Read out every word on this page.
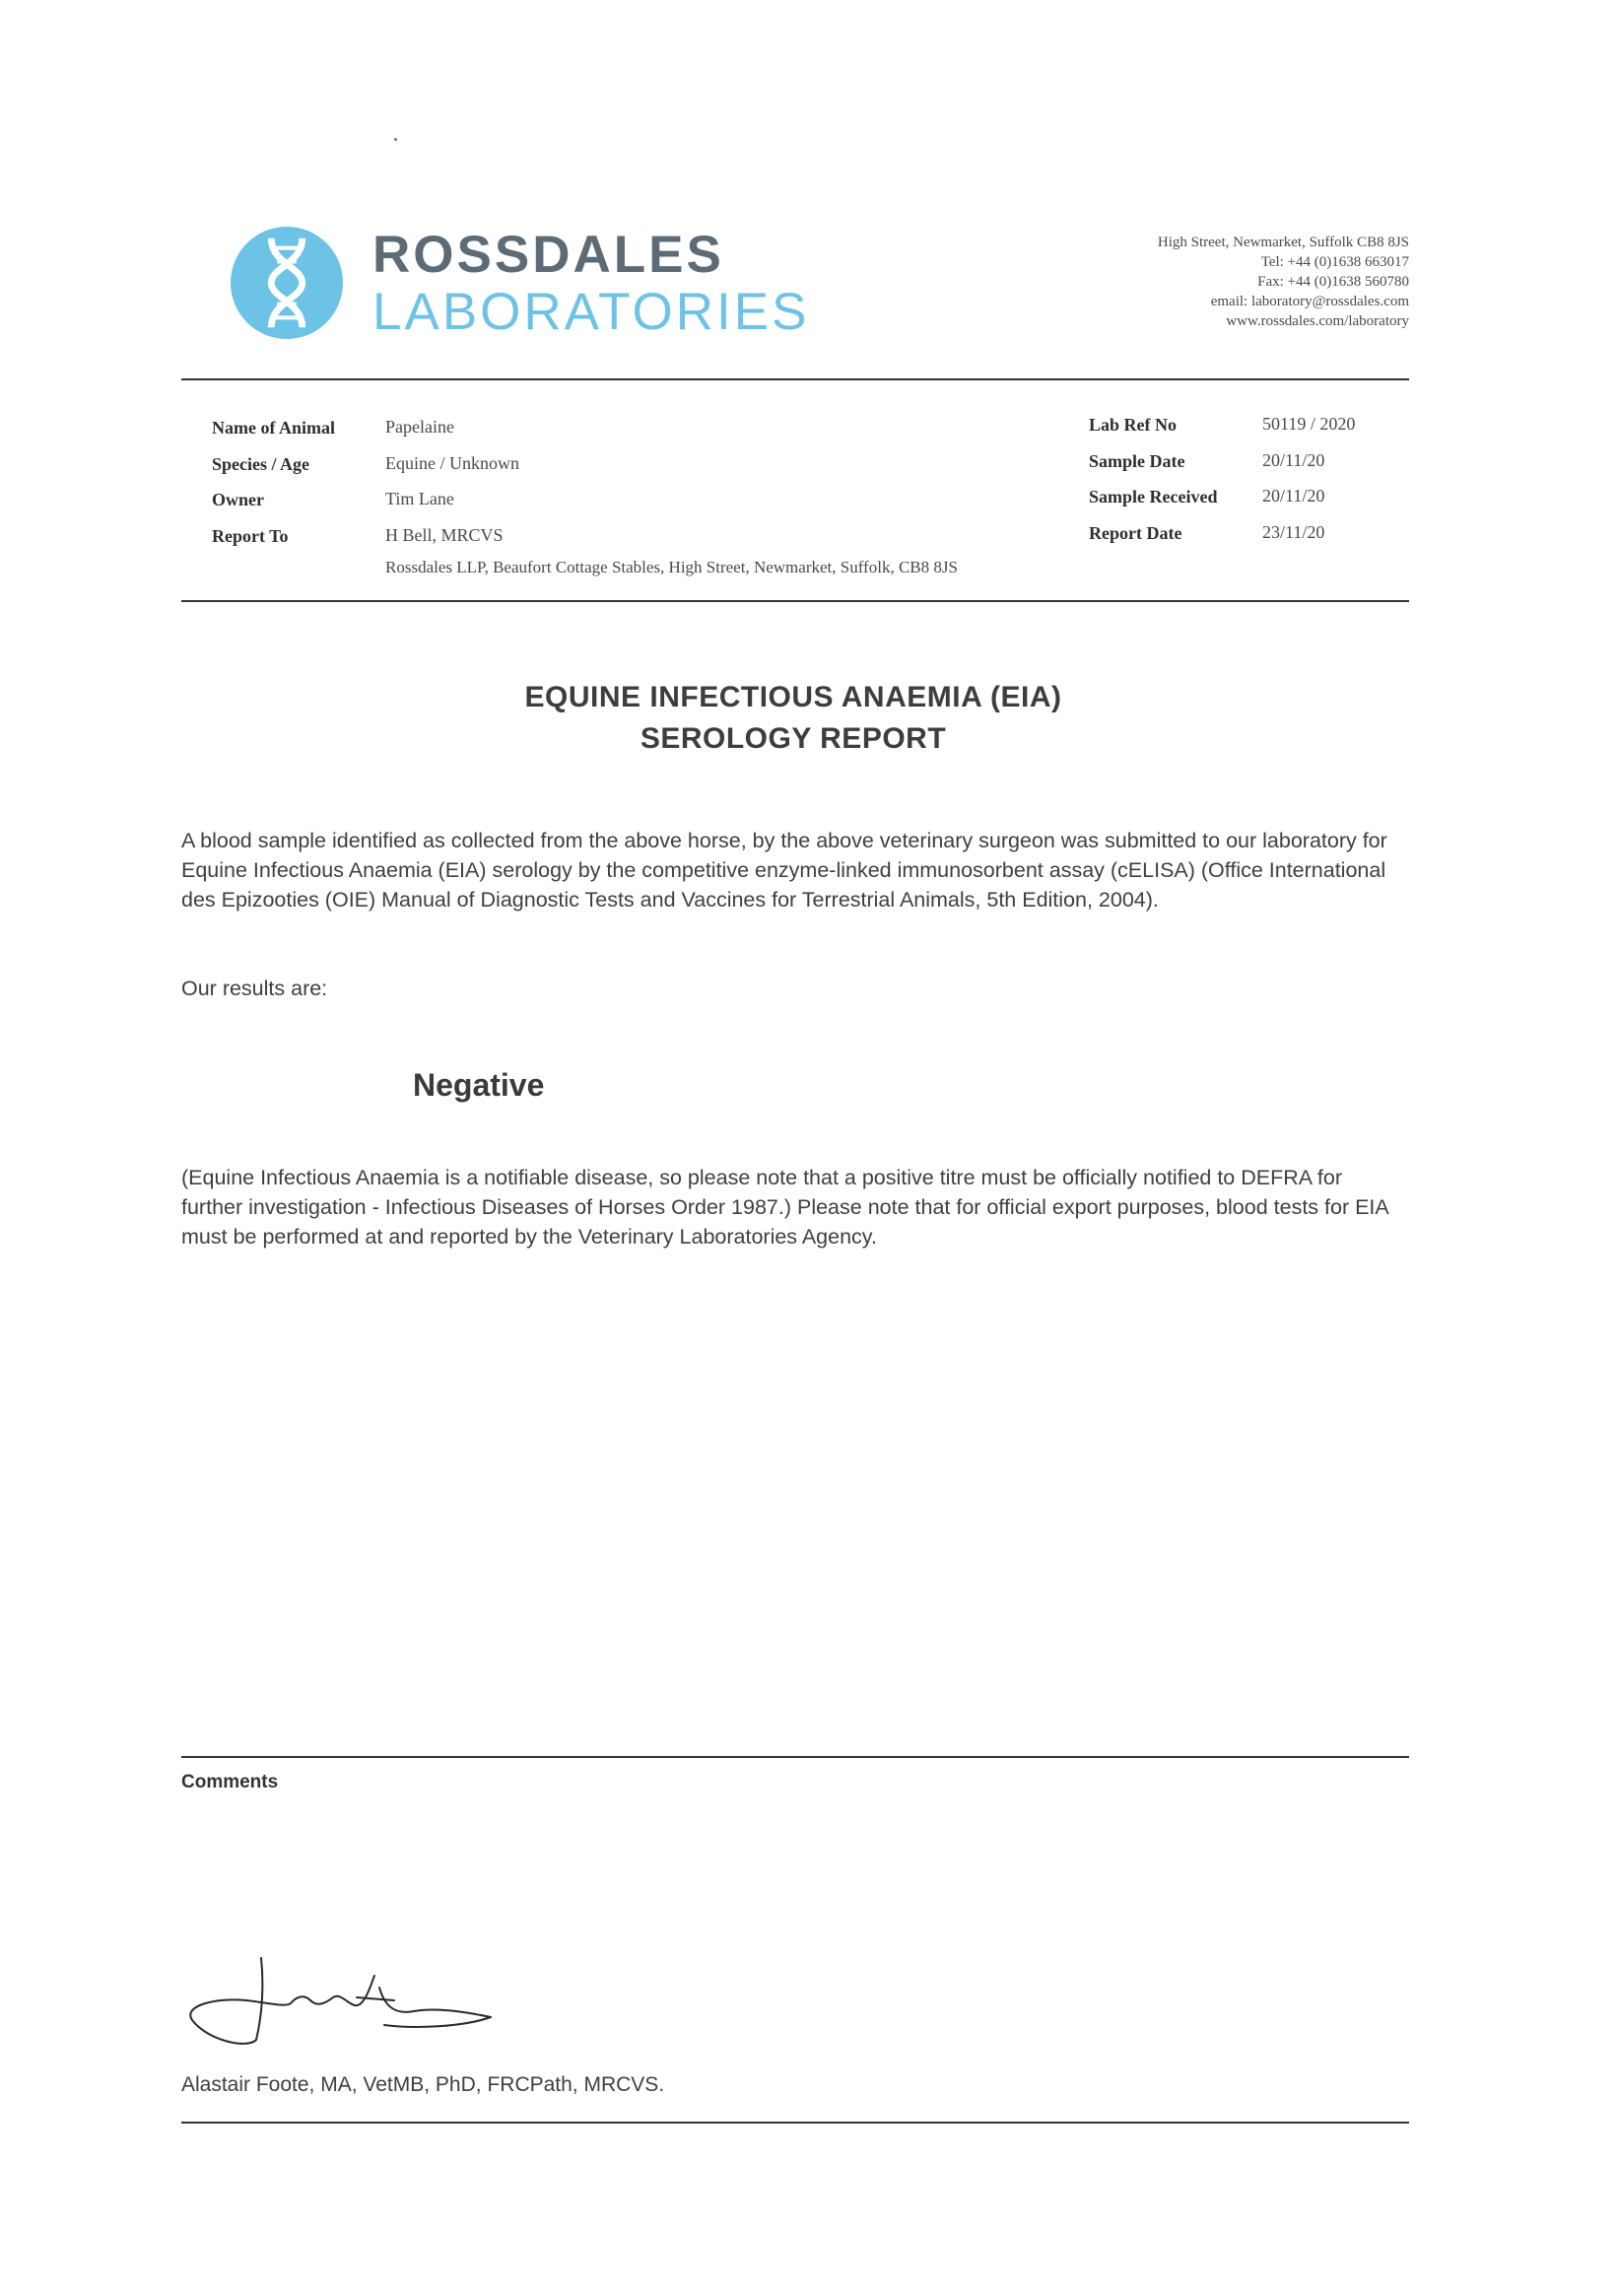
ROSSDALES
LABORATORIES
High Street, Newmarket, Suffolk CB8 8JS
Tel: +44 (0)1638 663017
Fax: +44 (0)1638 560780
email: laboratory@rossdales.com
www.rossdales.com/laboratory
Name of Animal	Papelaine
Species / Age	Equine / Unknown
Owner	Tim Lane
Report To	H Bell, MRCVS
Rossdales LLP, Beaufort Cottage Stables, High Street, Newmarket, Suffolk, CB8 8JS
Lab Ref No	50119 / 2020
Sample Date	20/11/20
Sample Received	20/11/20
Report Date	23/11/20
EQUINE INFECTIOUS ANAEMIA (EIA)
SEROLOGY REPORT

A blood sample identified as collected from the above horse, by the above veterinary surgeon was submitted to our laboratory for Equine Infectious Anaemia (EIA) serology by the competitive enzyme-linked immunosorbent assay (cELISA) (Office International des Epizooties (OIE) Manual of Diagnostic Tests and Vaccines for Terrestrial Animals, 5th Edition, 2004).

Our results are:

Negative

(Equine Infectious Anaemia is a notifiable disease, so please note that a positive titre must be officially notified to DEFRA for further investigation - Infectious Diseases of Horses Order 1987.) Please note that for official export purposes, blood tests for EIA must be performed at and reported by the Veterinary Laboratories Agency.

Comments
Alastair Foote, MA, VetMB, PhD, FRCPath, MRCVS.
